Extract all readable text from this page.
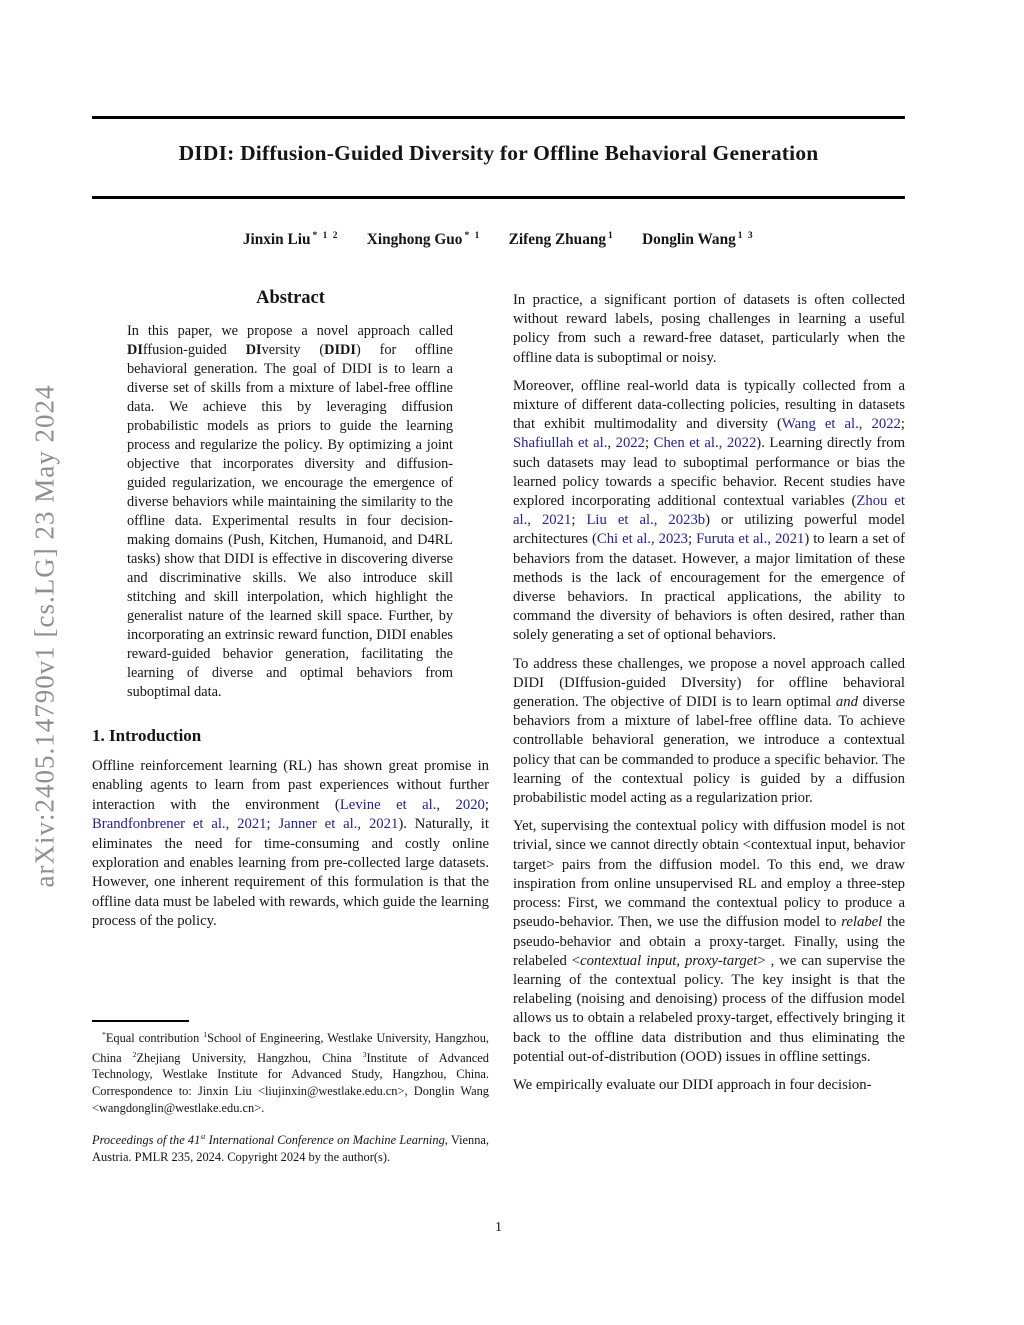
arXiv:2405.14790v1 [cs.LG] 23 May 2024
DIDI: Diffusion-Guided Diversity for Offline Behavioral Generation
Jinxin Liu $^{* 1 2}$ Xinghong Guo $^{* 1}$ Zifeng Zhuang $^1$ Donglin Wang $^{1 3}$
Abstract

In this paper, we propose a novel approach called DIffusion-guided DIversity (DIDI) for offline behavioral generation. The goal of DIDI is to learn a diverse set of skills from a mixture of label-free offline data. We achieve this by leveraging diffusion probabilistic models as priors to guide the learning process and regularize the policy. By optimizing a joint objective that incorporates diversity and diffusion-guided regularization, we encourage the emergence of diverse behaviors while maintaining the similarity to the offline data. Experimental results in four decision-making domains (Push, Kitchen, Humanoid, and D4RL tasks) show that DIDI is effective in discovering diverse and discriminative skills. We also introduce skill stitching and skill interpolation, which highlight the generalist nature of the learned skill space. Further, by incorporating an extrinsic reward function, DIDI enables reward-guided behavior generation, facilitating the learning of diverse and optimal behaviors from suboptimal data.

1. Introduction

Offline reinforcement learning (RL) has shown great promise in enabling agents to learn from past experiences without further interaction with the environment (Levine et al., 2020; Brandfonbrener et al., 2021; Janner et al., 2021). Naturally, it eliminates the need for time-consuming and costly online exploration and enables learning from pre-collected large datasets. However, one inherent requirement of this formulation is that the offline data must be labeled with rewards, which guide the learning process of the policy.

*Equal contribution $^1$School of Engineering, Westlake University, Hangzhou, China $^2$Zhejiang University, Hangzhou, China $^3$Institute of Advanced Technology, Westlake Institute for Advanced Study, Hangzhou, China. Correspondence to: Jinxin Liu <liujinxin@westlake.edu.cn>, Donglin Wang <wangdonglin@westlake.edu.cn>.

Proceedings of the 41st International Conference on Machine Learning, Vienna, Austria. PMLR 235, 2024. Copyright 2024 by the author(s).

In practice, a significant portion of datasets is often collected without reward labels, posing challenges in learning a useful policy from such a reward-free dataset, particularly when the offline data is suboptimal or noisy.

Moreover, offline real-world data is typically collected from a mixture of different data-collecting policies, resulting in datasets that exhibit multimodality and diversity (Wang et al., 2022; Shafiullah et al., 2022; Chen et al., 2022). Learning directly from such datasets may lead to suboptimal performance or bias the learned policy towards a specific behavior. Recent studies have explored incorporating additional contextual variables (Zhou et al., 2021; Liu et al., 2023b) or utilizing powerful model architectures (Chi et al., 2023; Furuta et al., 2021) to learn a set of behaviors from the dataset. However, a major limitation of these methods is the lack of encouragement for the emergence of diverse behaviors. In practical applications, the ability to command the diversity of behaviors is often desired, rather than solely generating a set of optional behaviors.

To address these challenges, we propose a novel approach called DIDI (DIffusion-guided DIversity) for offline behavioral generation. The objective of DIDI is to learn optimal and diverse behaviors from a mixture of label-free offline data. To achieve controllable behavioral generation, we introduce a contextual policy that can be commanded to produce a specific behavior. The learning of the contextual policy is guided by a diffusion probabilistic model acting as a regularization prior.

Yet, supervising the contextual policy with diffusion model is not trivial, since we cannot directly obtain <contextual input, behavior target> pairs from the diffusion model. To this end, we draw inspiration from online unsupervised RL and employ a three-step process: First, we command the contextual policy to produce a pseudo-behavior. Then, we use the diffusion model to relabel the pseudo-behavior and obtain a proxy-target. Finally, using the relabeled <contextual input, proxy-target> , we can supervise the learning of the contextual policy. The key insight is that the relabeling (noising and denoising) process of the diffusion model allows us to obtain a relabeled proxy-target, effectively bringing it back to the offline data distribution and thus eliminating the potential out-of-distribution (OOD) issues in offline settings.

We empirically evaluate our DIDI approach in four decision-

1
